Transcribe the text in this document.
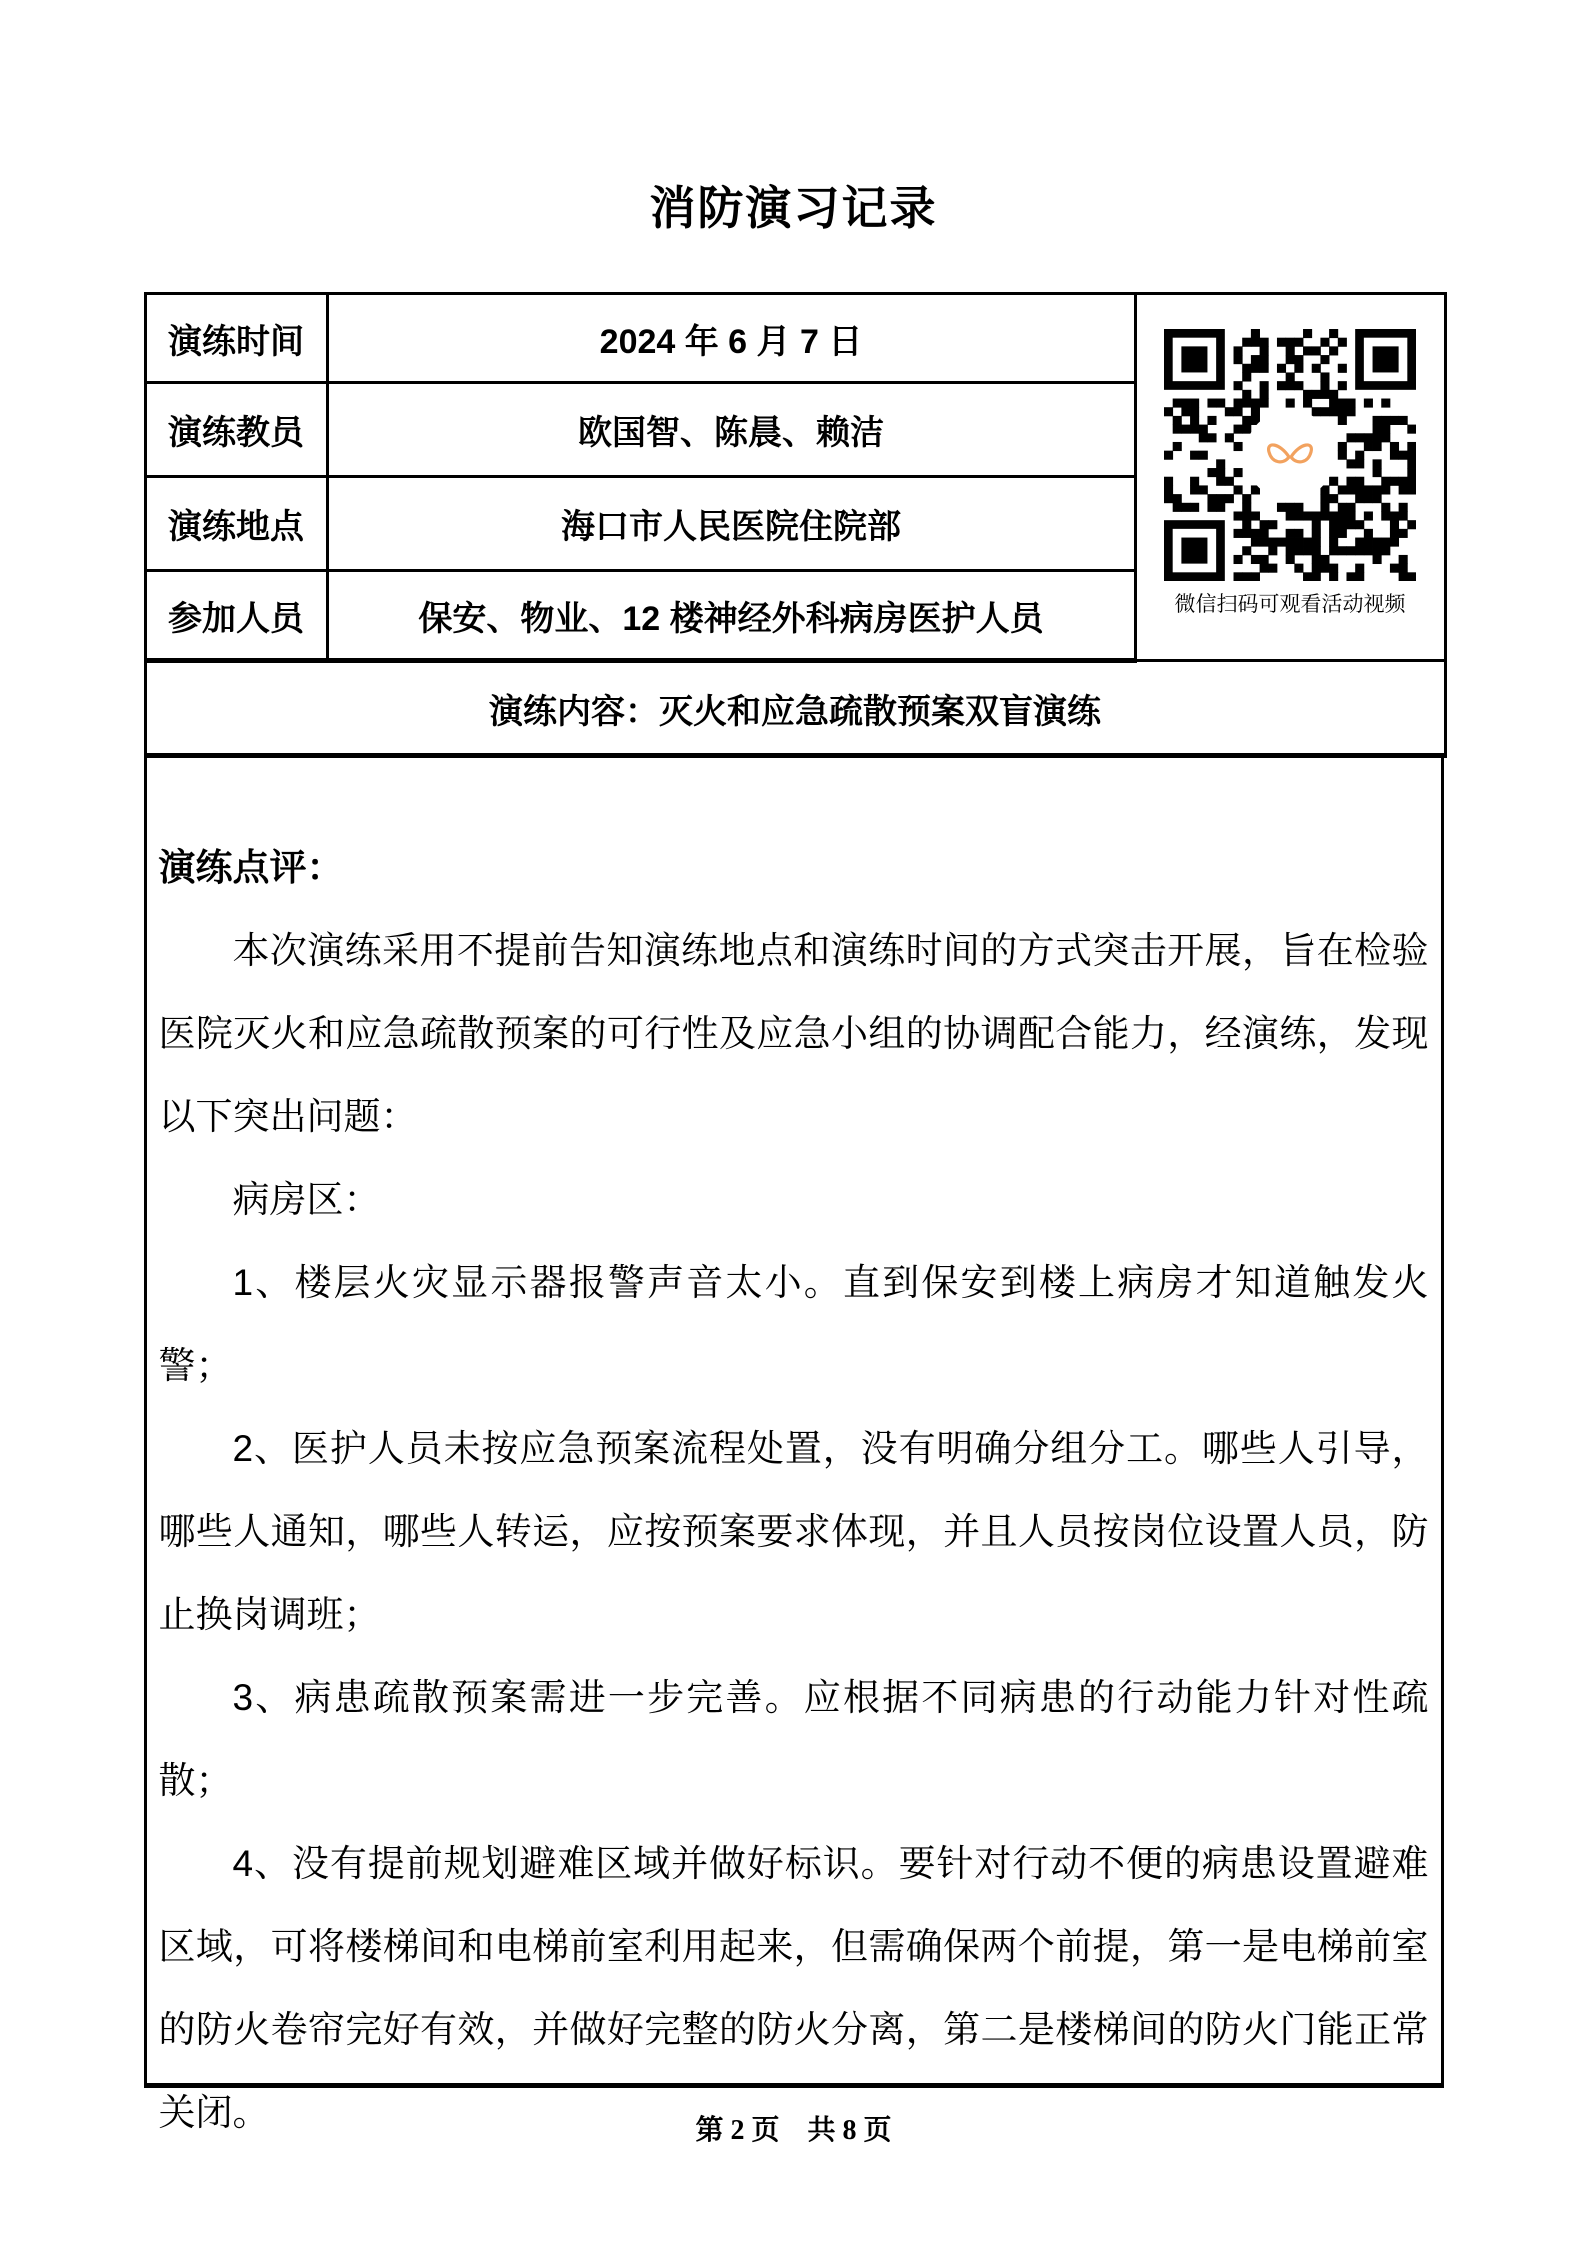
消防演习记录
演练时间	2024 年 6 月 7 日	微信扫码可观看活动视频

演练教员	欧国智、陈晨、赖洁	
演练地点	海口市人民医院住院部	
参加人员	保安、物业、12 楼神经外科病房医护人员	
演练内容：灭火和应急疏散预案双盲演练		

演练点评：

本次演练采用不提前告知演练地点和演练时间的方式突击开展，旨在检验医院灭火和应急疏散预案的可行性及应急小组的协调配合能力，经演练，发现以下突出问题：

病房区：

1、楼层火灾显示器报警声音太小。直到保安到楼上病房才知道触发火警；

2、医护人员未按应急预案流程处置，没有明确分组分工。哪些人引导，哪些人通知，哪些人转运，应按预案要求体现，并且人员按岗位设置人员，防止换岗调班；

3、病患疏散预案需进一步完善。应根据不同病患的行动能力针对性疏散；

4、没有提前规划避难区域并做好标识。要针对行动不便的病患设置避难区域，可将楼梯间和电梯前室利用起来，但需确保两个前提，第一是电梯前室的防火卷帘完好有效，并做好完整的防火分离，第二是楼梯间的防火门能正常关闭。	第 2 页　共 8 页
